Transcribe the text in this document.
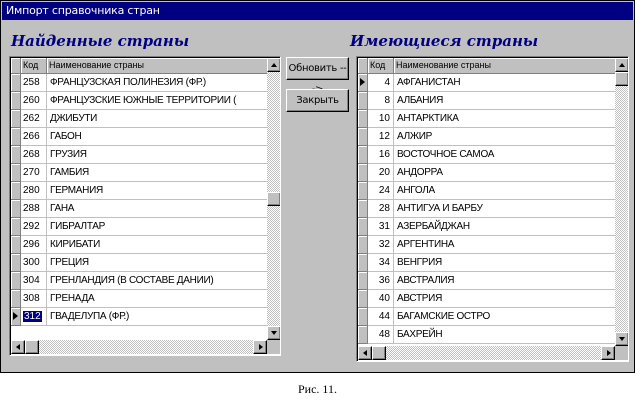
Импорт справочника стран
Найденные страны	Имеющиеся страны
Код	Наименование страны
258	ФРАНЦУЗСКАЯ ПОЛИНЕЗИЯ (ФР.)
260	ФРАНЦУЗСКИЕ ЮЖНЫЕ ТЕРРИТОРИИ (
262	ДЖИБУТИ
266	ГАБОН
268	ГРУЗИЯ
270	ГАМБИЯ
280	ГЕРМАНИЯ
288	ГАНА
292	ГИБРАЛТАР
296	КИРИБАТИ
300	ГРЕЦИЯ
304	ГРЕНЛАНДИЯ (В СОСТАВЕ ДАНИИ)
308	ГРЕНАДА
312 ГВАДЕЛУПА (ФР.)
Обновить --
Закрыть
Код	Наименование страны
4 АФГАНИСТАН
8 АЛБАНИЯ
10 АНТАРКТИКА
12 АЛЖИР
16 ВОСТОЧНОЕ САМОА
20 АНДОРРА
24 АНГОЛА
28 АНТИГУА И БАРБУ
31 АЗЕРБАЙДЖАН
32 АРГЕНТИНА
34 ВЕНГРИЯ
36 АВСТРАЛИЯ
40 АВСТРИЯ
44 БАГАМСКИЕ ОСТРО
48 БАХРЕЙН
Рис. 11.
